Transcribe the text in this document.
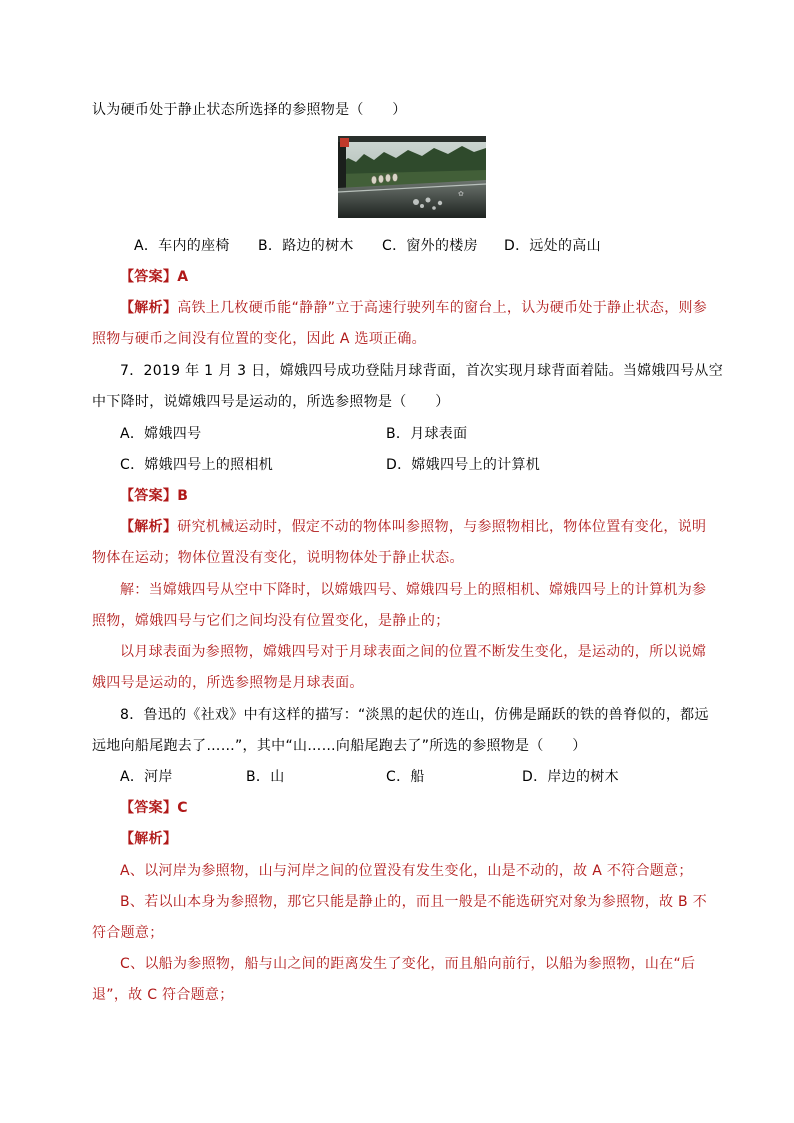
认为硬币处于静止状态所选择的参照物是（　　）
✿
A．车内的座椅 B．路边的树木 C．窗外的楼房 D．远处的高山
【答案】A
【解析】高铁上几枚硬币能“静静”立于高速行驶列车的窗台上，认为硬币处于静止状态，则参
照物与硬币之间没有位置的变化，因此 A 选项正确。
7．2019 年 1 月 3 日，嫦娥四号成功登陆月球背面，首次实现月球背面着陆。当嫦娥四号从空
中下降时，说嫦娥四号是运动的，所选参照物是（　　）
A．嫦娥四号	B．月球表面
C．嫦娥四号上的照相机	D．嫦娥四号上的计算机
【答案】B
【解析】研究机械运动时，假定不动的物体叫参照物，与参照物相比，物体位置有变化，说明
物体在运动；物体位置没有变化，说明物体处于静止状态。
解：当嫦娥四号从空中下降时，以嫦娥四号、嫦娥四号上的照相机、嫦娥四号上的计算机为参
照物，嫦娥四号与它们之间均没有位置变化，是静止的；
以月球表面为参照物，嫦娥四号对于月球表面之间的位置不断发生变化，是运动的，所以说嫦
娥四号是运动的，所选参照物是月球表面。
8．鲁迅的《社戏》中有这样的描写：“淡黑的起伏的连山，仿佛是踊跃的铁的兽脊似的，都远
远地向船尾跑去了……”，其中“山……向船尾跑去了”所选的参照物是（　　）
A．河岸	B．山	C．船	D．岸边的树木
【答案】C
【解析】
A、以河岸为参照物，山与河岸之间的位置没有发生变化，山是不动的，故 A 不符合题意；
B、若以山本身为参照物，那它只能是静止的，而且一般是不能选研究对象为参照物，故 B 不
符合题意；
C、以船为参照物，船与山之间的距离发生了变化，而且船向前行，以船为参照物，山在“后
退”，故 C 符合题意；
